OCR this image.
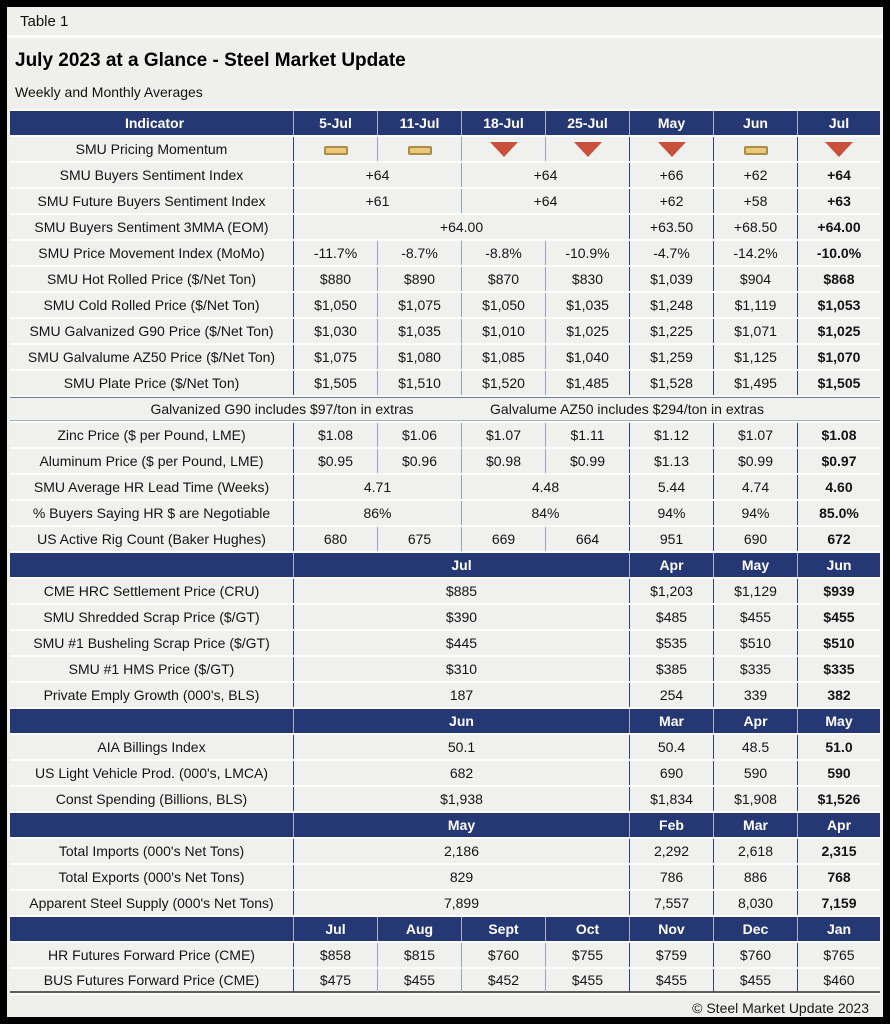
Table 1
July 2023 at a Glance - Steel Market Update
Weekly and Monthly Averages
Indicator	5-Jul	11-Jul	18-Jul	25-Jul	May	Jun	Jul
SMU Pricing Momentum							
SMU Buyers Sentiment Index	+64		+64		+66	+62	+64
SMU Future Buyers Sentiment Index	+61		+64		+62	+58	+63
SMU Buyers Sentiment 3MMA (EOM)	+64.00				+63.50	+68.50	+64.00
SMU Price Movement Index (MoMo)	-11.7%	-8.7%	-8.8%	-10.9%	-4.7%	-14.2%	-10.0%
SMU Hot Rolled Price ($/Net Ton)	$880	$890	$870	$830	$1,039	$904	$868
SMU Cold Rolled Price ($/Net Ton)	$1,050	$1,075	$1,050	$1,035	$1,248	$1,119	$1,053
SMU Galvanized G90 Price ($/Net Ton)	$1,030	$1,035	$1,010	$1,025	$1,225	$1,071	$1,025
SMU Galvalume AZ50 Price ($/Net Ton)	$1,075	$1,080	$1,085	$1,040	$1,259	$1,125	$1,070
SMU Plate Price ($/Net Ton)	$1,505	$1,510	$1,520	$1,485	$1,528	$1,495	$1,505

Galvanized G90 includes $97/ton in extras Galvalume AZ50 includes $294/ton in extras							

Zinc Price ($ per Pound, LME)	$1.08	$1.06	$1.07	$1.11	$1.12	$1.07	$1.08
Aluminum Price ($ per Pound, LME)	$0.95	$0.96	$0.98	$0.99	$1.13	$0.99	$0.97
SMU Average HR Lead Time (Weeks)	4.71		4.48		5.44	4.74	4.60
% Buyers Saying HR $ are Negotiable	86%		84%		94%	94%	85.0%
US Active Rig Count (Baker Hughes)	680	675	669	664	951	690	672
	Jul				Apr	May	Jun
CME HRC Settlement Price (CRU)	$885				$1,203	$1,129	$939
SMU Shredded Scrap Price ($/GT)	$390				$485	$455	$455
SMU #1 Busheling Scrap Price ($/GT)	$445				$535	$510	$510
SMU #1 HMS Price ($/GT)	$310				$385	$335	$335
Private Emply Growth (000's, BLS)	187				254	339	382
	Jun				Mar	Apr	May
AIA Billings Index	50.1				50.4	48.5	51.0
US Light Vehicle Prod. (000's, LMCA)	682				690	590	590
Const Spending (Billions, BLS)	$1,938				$1,834	$1,908	$1,526
	May				Feb	Mar	Apr
Total Imports (000's Net Tons)	2,186				2,292	2,618	2,315
Total Exports (000's Net Tons)	829				786	886	768
Apparent Steel Supply (000's Net Tons)	7,899				7,557	8,030	7,159
	Jul	Aug	Sept	Oct	Nov	Dec	Jan
HR Futures Forward Price (CME)	$858	$815	$760	$755	$759	$760	$765
BUS Futures Forward Price (CME)	$475	$455	$452	$455	$455	$455	$460
© Steel Market Update 2023
